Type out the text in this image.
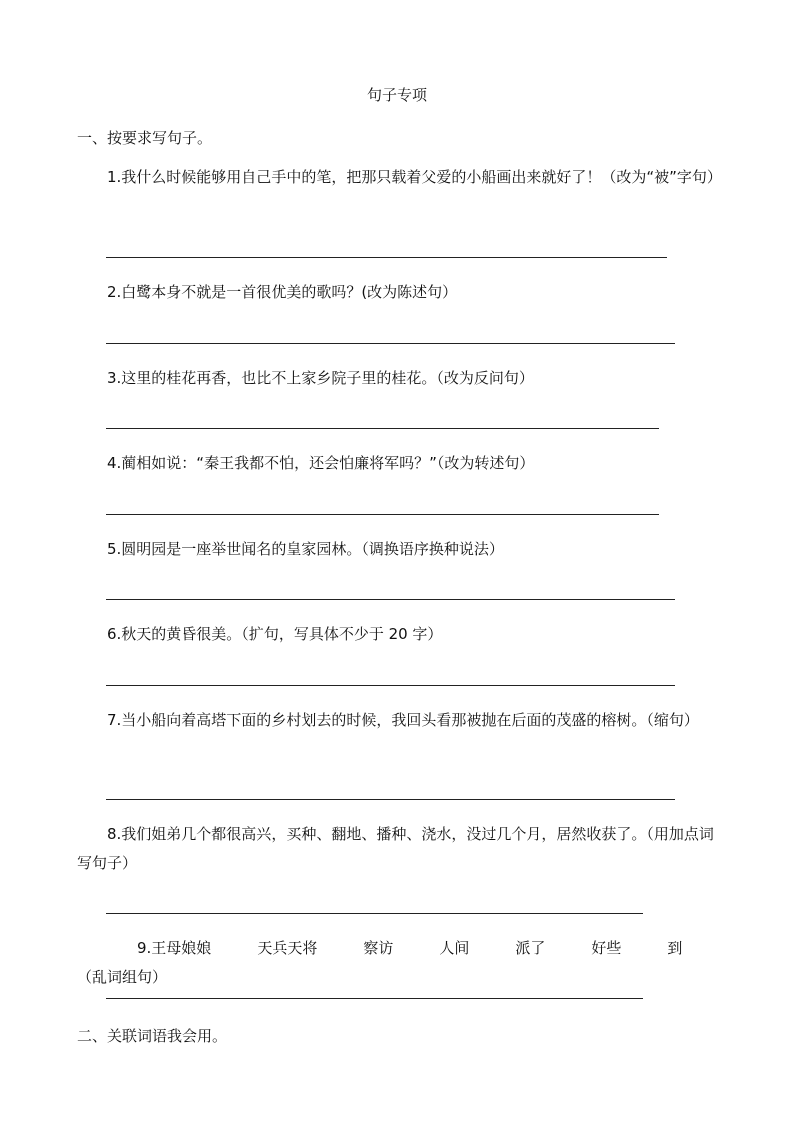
句子专项
一、按要求写句子。
1.我什么时候能够用自己手中的笔，把那只载着父爱的小船画出来就好了！（改为“被”字句）
2.白鹭本身不就是一首很优美的歌吗？(改为陈述句）
3.这里的桂花再香，也比不上家乡院子里的桂花。（改为反问句）
4.蔺相如说：“秦王我都不怕，还会怕廉将军吗？”（改为转述句）
5.圆明园是一座举世闻名的皇家园林。（调换语序换种说法）
6.秋天的黄昏很美。（扩句，写具体不少于 20 字）
7.当小船向着高塔下面的乡村划去的时候，我回头看那被抛在后面的茂盛的榕树。（缩句）
8.我们姐弟几个都很高兴，买种、翻地、播种、浇水，没过几个月，居然收获了。（用加点词写句子）
9.王母娘娘	天兵天将	察访	人间	派了	好些	到（乱词组句）
二、关联词语我会用。
